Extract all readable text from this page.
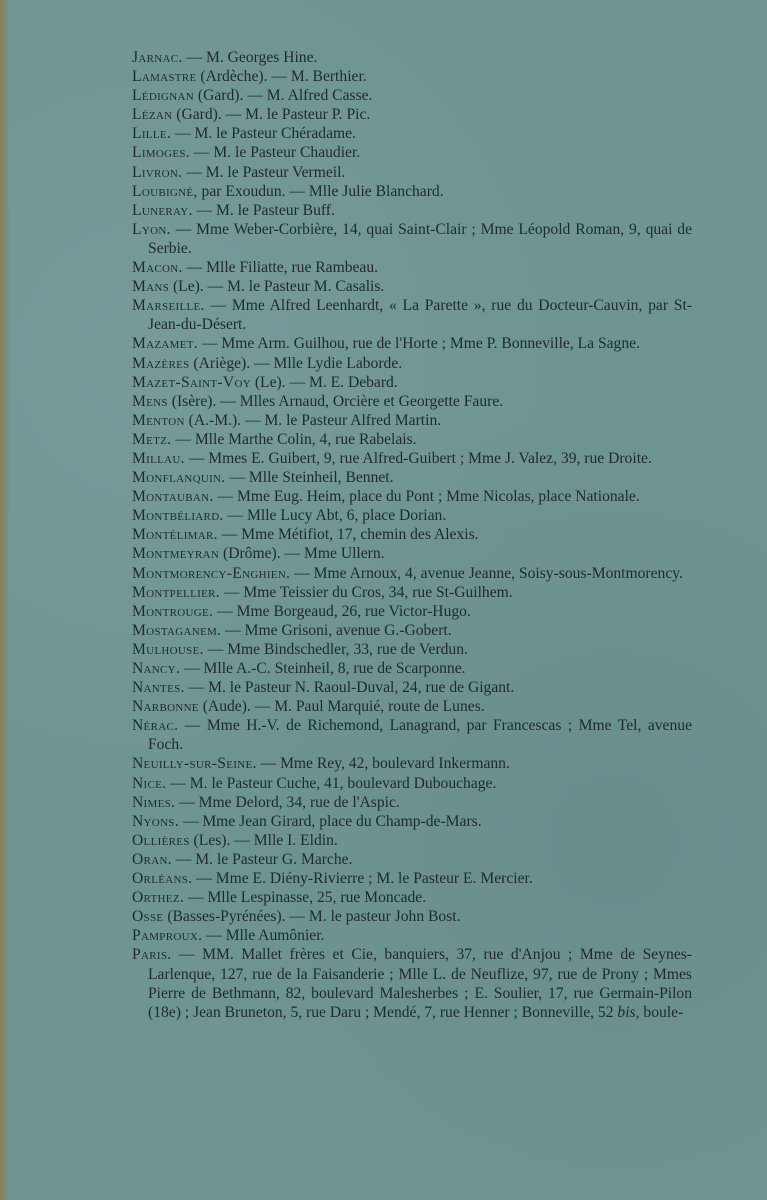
Jarnac. — M. Georges Hine.

Lamastre (Ardèche). — M. Berthier.

Lédignan (Gard). — M. Alfred Casse.

Lézan (Gard). — M. le Pasteur P. Pic.

Lille. — M. le Pasteur Chéradame.

Limoges. — M. le Pasteur Chaudier.

Livron. — M. le Pasteur Vermeil.

Loubigné, par Exoudun. — Mlle Julie Blanchard.

Luneray. — M. le Pasteur Buff.

Lyon. — Mme Weber-Corbière, 14, quai Saint-Clair ; Mme Léopold Roman, 9, quai de Serbie.

Macon. — Mlle Filiatte, rue Rambeau.

Mans (Le). — M. le Pasteur M. Casalis.

Marseille. — Mme Alfred Leenhardt, « La Parette », rue du Docteur-Cauvin, par St-Jean-du-Désert.

Mazamet. — Mme Arm. Guilhou, rue de l'Horte ; Mme P. Bonneville, La Sagne.

Mazères (Ariège). — Mlle Lydie Laborde.

Mazet-Saint-Voy (Le). — M. E. Debard.

Mens (Isère). — Mlles Arnaud, Orcière et Georgette Faure.

Menton (A.-M.). — M. le Pasteur Alfred Martin.

Metz. — Mlle Marthe Colin, 4, rue Rabelais.

Millau. — Mmes E. Guibert, 9, rue Alfred-Guibert ; Mme J. Valez, 39, rue Droite.

Monflanquin. — Mlle Steinheil, Bennet.

Montauban. — Mme Eug. Heim, place du Pont ; Mme Nicolas, place Nationale.

Montbéliard. — Mlle Lucy Abt, 6, place Dorian.

Montélimar. — Mme Métifiot, 17, chemin des Alexis.

Montmeyran (Drôme). — Mme Ullern.

Montmorency-Enghien. — Mme Arnoux, 4, avenue Jeanne, Soisy-sous-Montmorency.

Montpellier. — Mme Teissier du Cros, 34, rue St-Guilhem.

Montrouge. — Mme Borgeaud, 26, rue Victor-Hugo.

Mostaganem. — Mme Grisoni, avenue G.-Gobert.

Mulhouse. — Mme Bindschedler, 33, rue de Verdun.

Nancy. — Mlle A.-C. Steinheil, 8, rue de Scarponne.

Nantes. — M. le Pasteur N. Raoul-Duval, 24, rue de Gigant.

Narbonne (Aude). — M. Paul Marquié, route de Lunes.

Nérac. — Mme H.-V. de Richemond, Lanagrand, par Francescas ; Mme Tel, avenue Foch.

Neuilly-sur-Seine. — Mme Rey, 42, boulevard Inkermann.

Nice. — M. le Pasteur Cuche, 41, boulevard Dubouchage.

Nimes. — Mme Delord, 34, rue de l'Aspic.

Nyons. — Mme Jean Girard, place du Champ-de-Mars.

Ollières (Les). — Mlle I. Eldin.

Oran. — M. le Pasteur G. Marche.

Orléans. — Mme E. Diény-Rivierre ; M. le Pasteur E. Mercier.

Orthez. — Mlle Lespinasse, 25, rue Moncade.

Osse (Basses-Pyrénées). — M. le pasteur John Bost.

Pamproux. — Mlle Aumônier.

Paris. — MM. Mallet frères et Cie, banquiers, 37, rue d'Anjou ; Mme de Seynes-Larlenque, 127, rue de la Faisanderie ; Mlle L. de Neuflize, 97, rue de Prony ; Mmes Pierre de Bethmann, 82, boulevard Malesherbes ; E. Soulier, 17, rue Germain-Pilon (18e) ; Jean Bruneton, 5, rue Daru ; Mendé, 7, rue Henner ; Bonneville, 52 bis, boule-
